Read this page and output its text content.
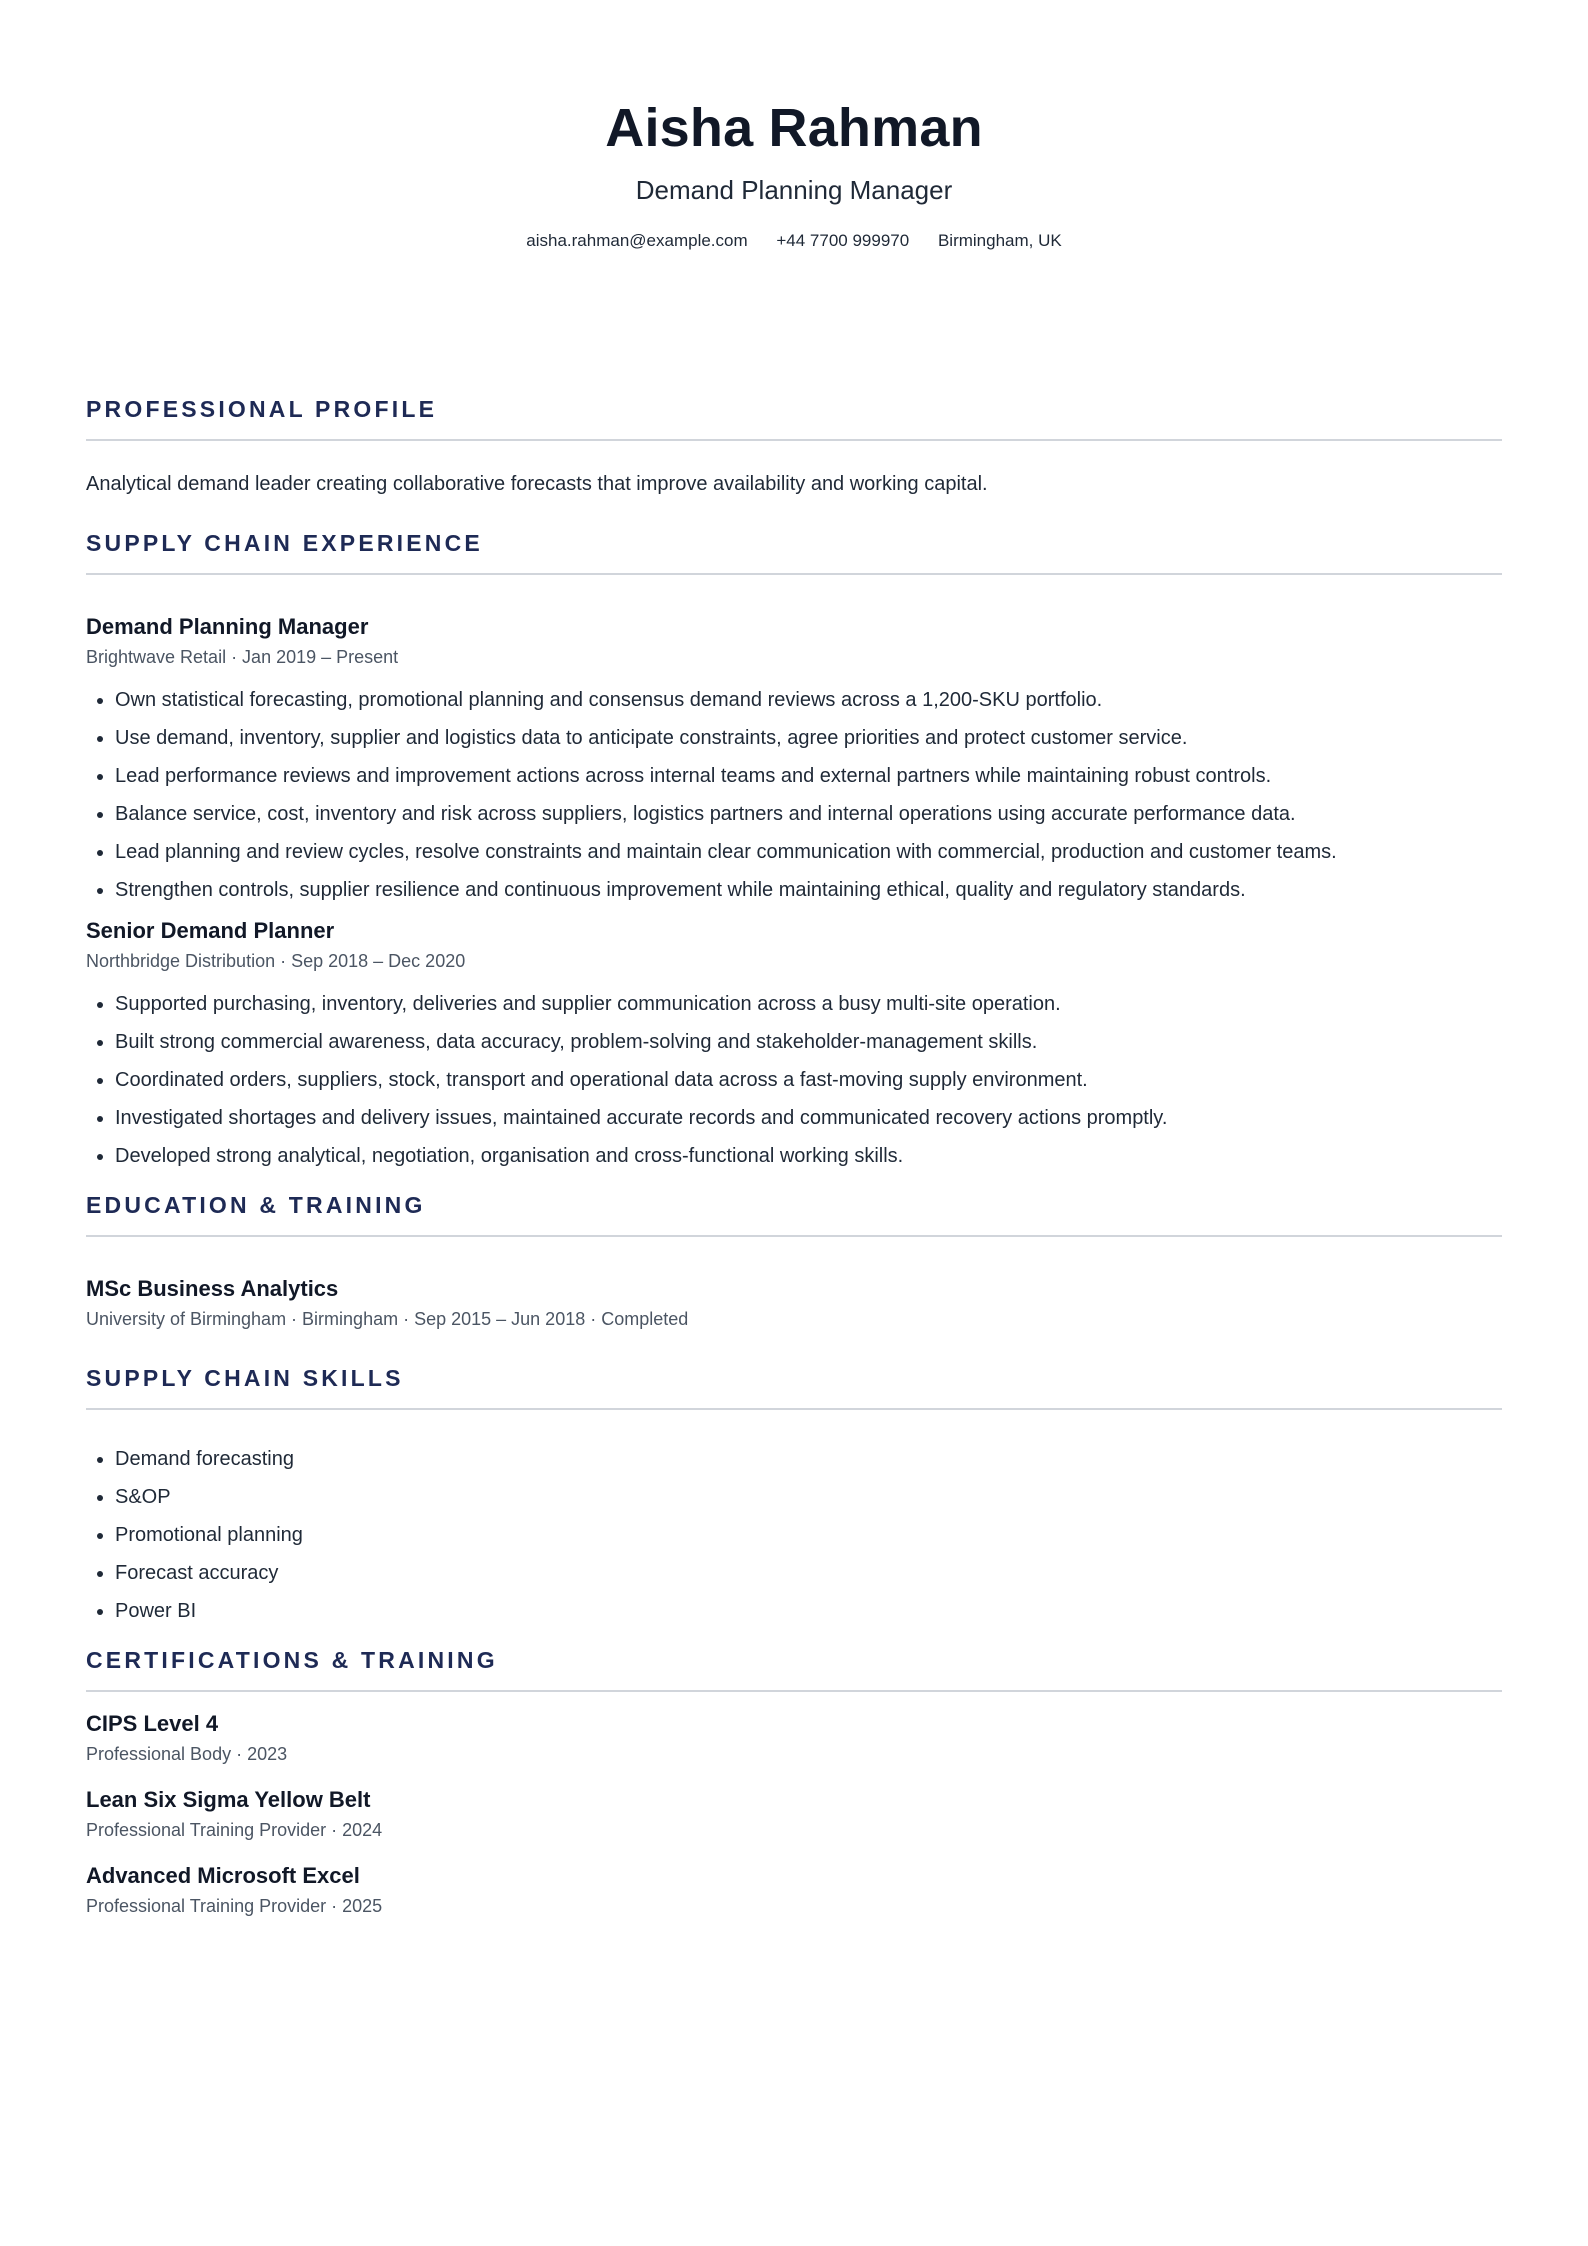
Aisha Rahman

Demand Planning Manager

aisha.rahman@example.com +44 7700 999970 Birmingham, UK
PROFESSIONAL PROFILE

Analytical demand leader creating collaborative forecasts that improve availability and working capital.

SUPPLY CHAIN EXPERIENCE
Demand Planning Manager

Brightwave Retail · Jan 2019 – Present

• Own statistical forecasting, promotional planning and consensus demand reviews across a 1,200-SKU portfolio.
• Use demand, inventory, supplier and logistics data to anticipate constraints, agree priorities and protect customer service.
• Lead performance reviews and improvement actions across internal teams and external partners while maintaining robust controls.
• Balance service, cost, inventory and risk across suppliers, logistics partners and internal operations using accurate performance data.
• Lead planning and review cycles, resolve constraints and maintain clear communication with commercial, production and customer teams.
• Strengthen controls, supplier resilience and continuous improvement while maintaining ethical, quality and regulatory standards.
Senior Demand Planner

Northbridge Distribution · Sep 2018 – Dec 2020

• Supported purchasing, inventory, deliveries and supplier communication across a busy multi-site operation.
• Built strong commercial awareness, data accuracy, problem-solving and stakeholder-management skills.
• Coordinated orders, suppliers, stock, transport and operational data across a fast-moving supply environment.
• Investigated shortages and delivery issues, maintained accurate records and communicated recovery actions promptly.
• Developed strong analytical, negotiation, organisation and cross-functional working skills.
EDUCATION & TRAINING
MSc Business Analytics

University of Birmingham · Birmingham · Sep 2015 – Jun 2018 · Completed

SUPPLY CHAIN SKILLS
• Demand forecasting
• S&OP
• Promotional planning
• Forecast accuracy
• Power BI
CERTIFICATIONS & TRAINING
CIPS Level 4

Professional Body · 2023

Lean Six Sigma Yellow Belt

Professional Training Provider · 2024

Advanced Microsoft Excel

Professional Training Provider · 2025
